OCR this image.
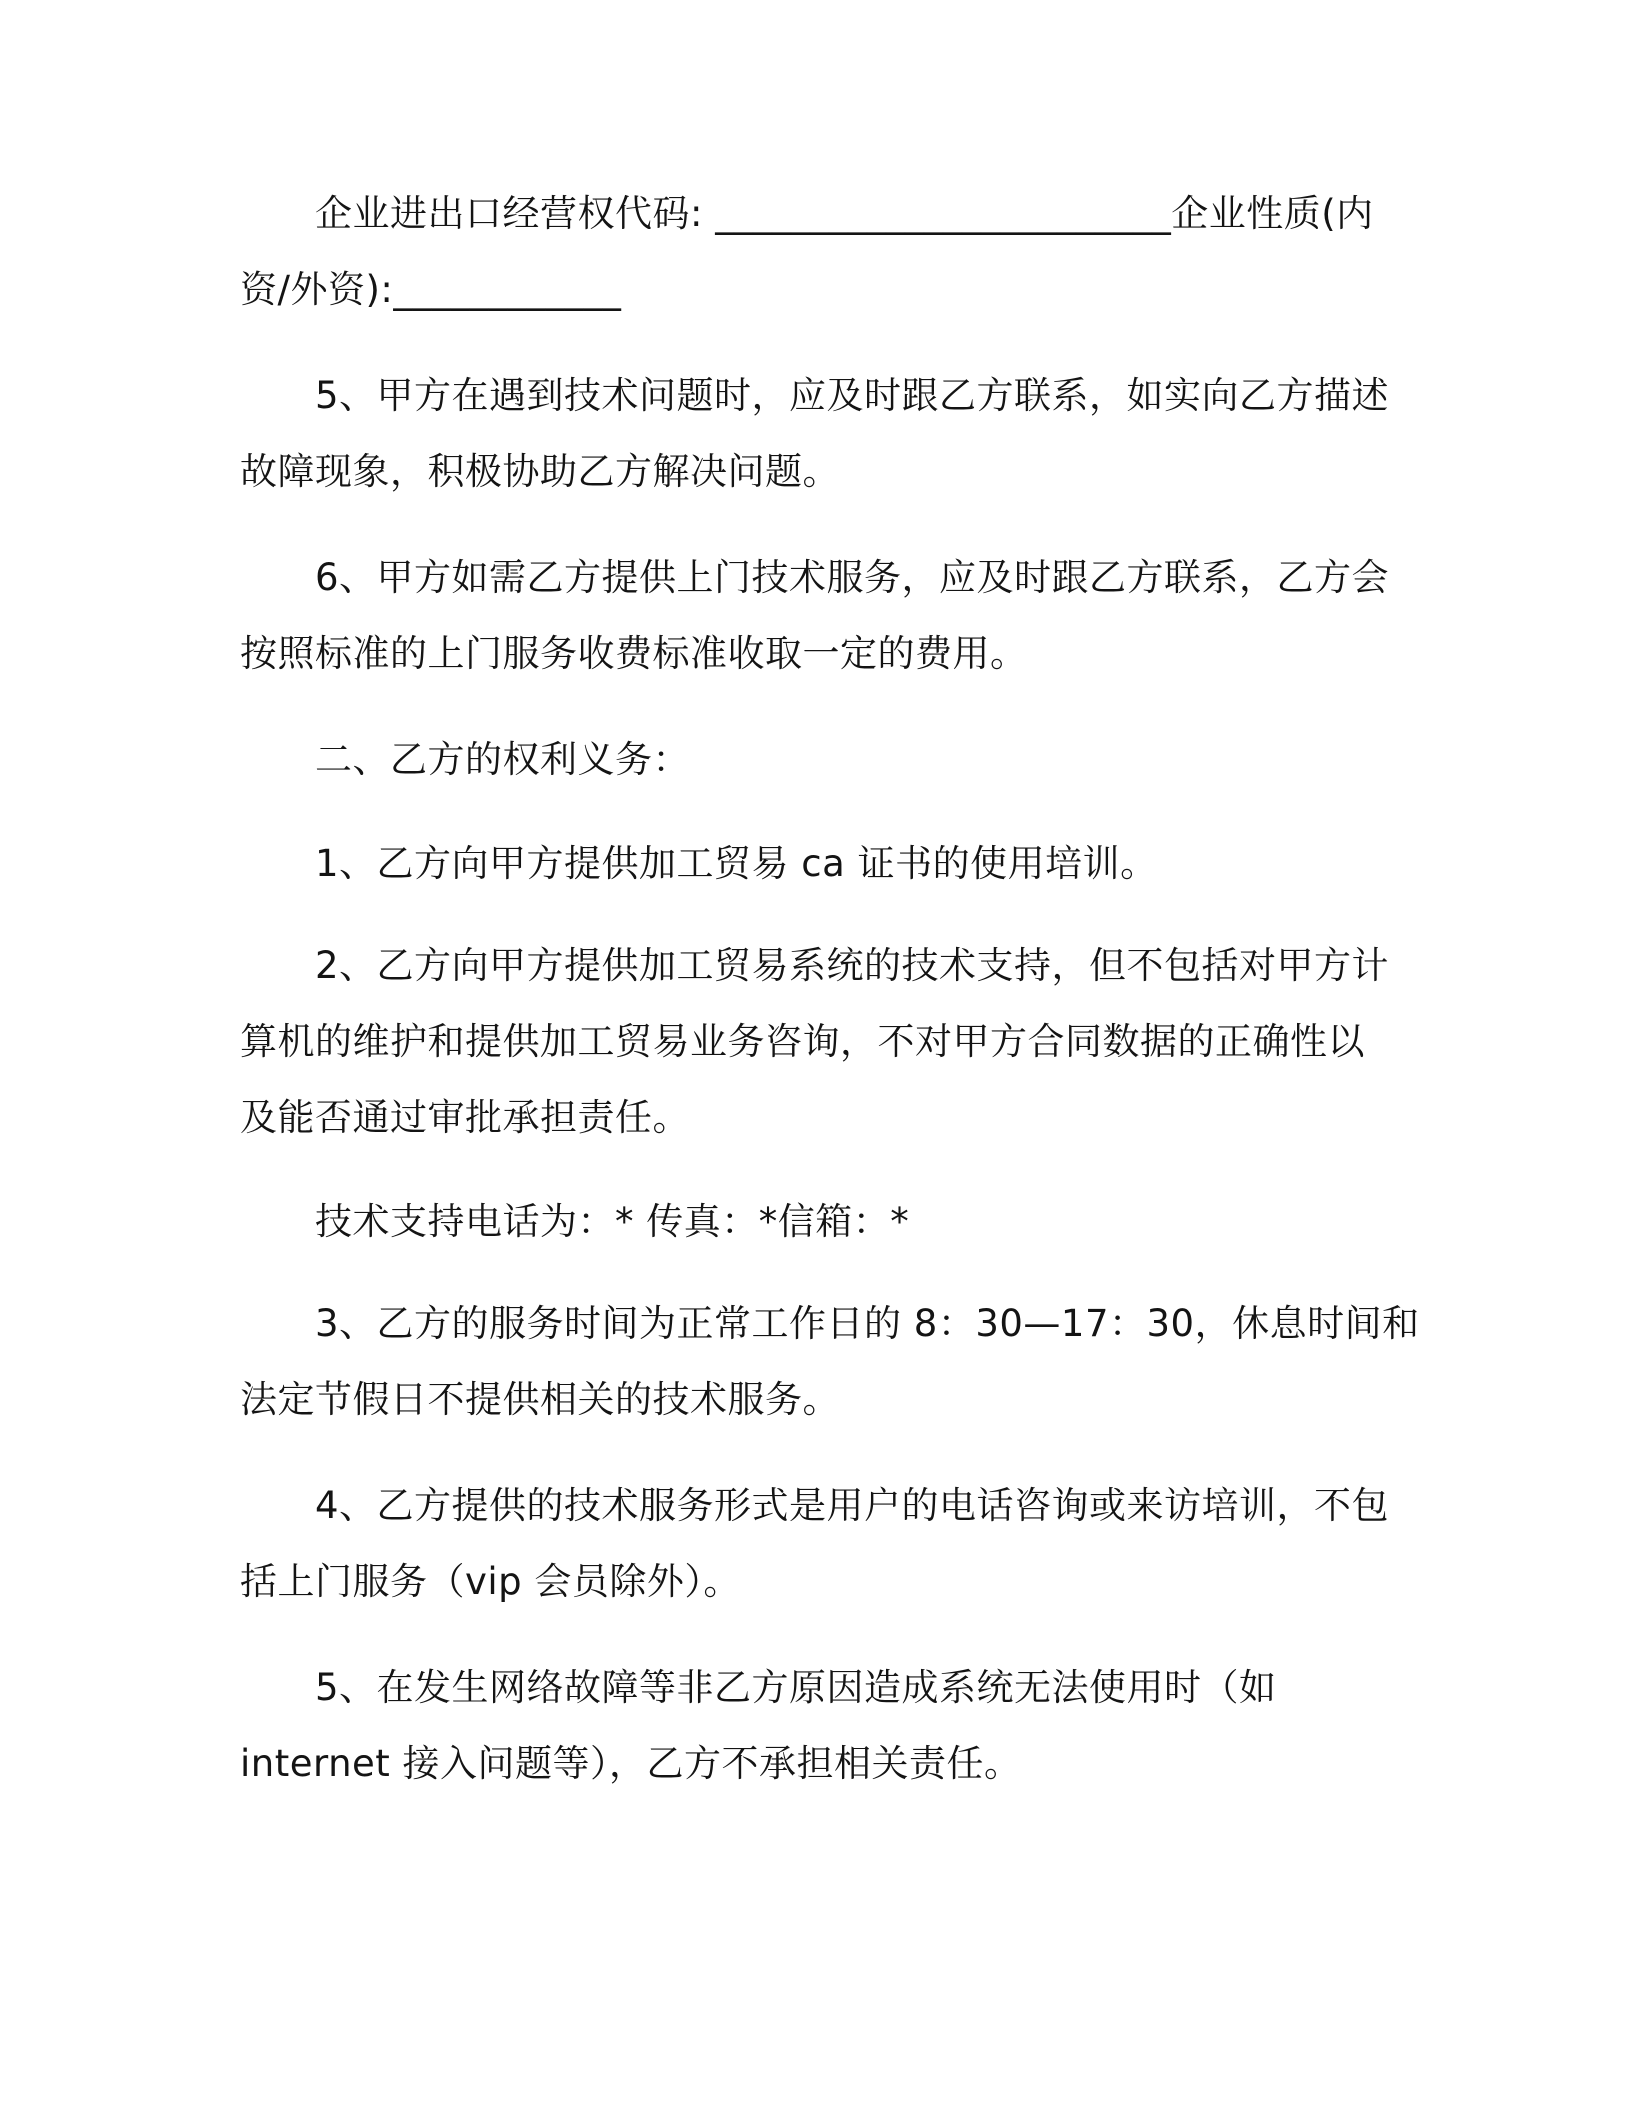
企业进出口经营权代码: ________________________企业性质(内
资/外资):____________
5、甲方在遇到技术问题时，应及时跟乙方联系，如实向乙方描述
故障现象，积极协助乙方解决问题。
6、甲方如需乙方提供上门技术服务，应及时跟乙方联系，乙方会
按照标准的上门服务收费标准收取一定的费用。
二、乙方的权利义务：
1、乙方向甲方提供加工贸易 ca 证书的使用培训。
2、乙方向甲方提供加工贸易系统的技术支持，但不包括对甲方计
算机的维护和提供加工贸易业务咨询，不对甲方合同数据的正确性以
及能否通过审批承担责任。
技术支持电话为：* 传真：*信箱：*
3、乙方的服务时间为正常工作日的 8：30—17：30，休息时间和
法定节假日不提供相关的技术服务。
4、乙方提供的技术服务形式是用户的电话咨询或来访培训，不包
括上门服务（vip 会员除外）。
5、在发生网络故障等非乙方原因造成系统无法使用时（如
internet 接入问题等），乙方不承担相关责任。
